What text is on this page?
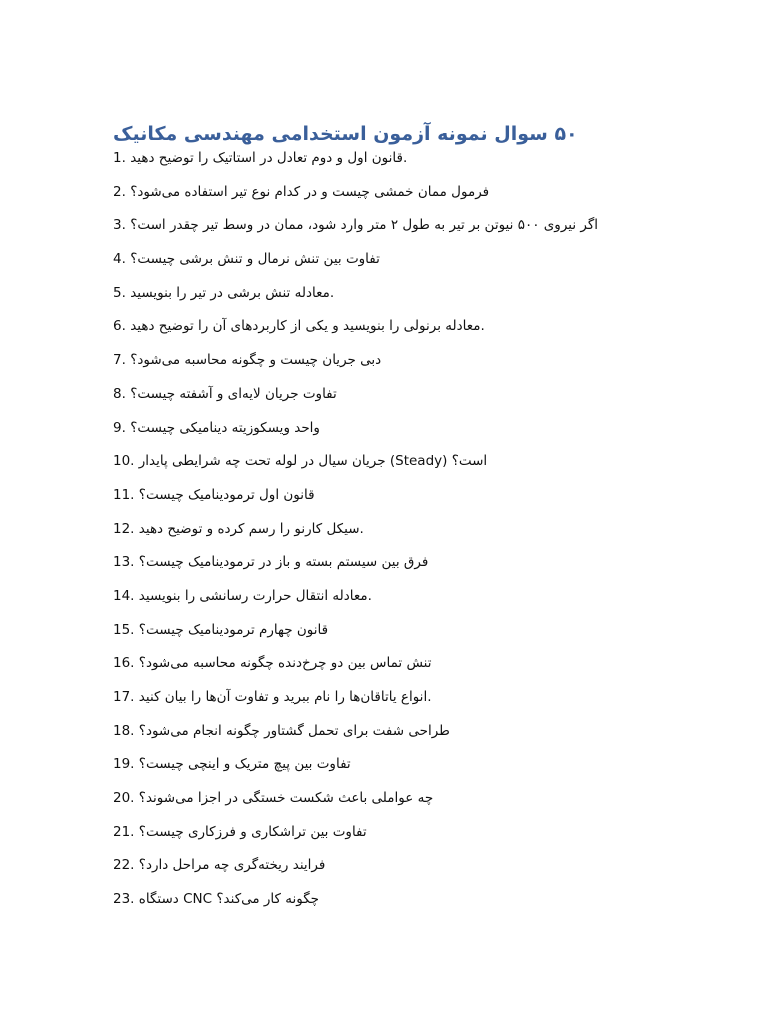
۵۰ سوال نمونه آزمون استخدامی مهندسی مکانیک
1. قانون اول و دوم تعادل در استاتیک را توضیح دهید.
2. فرمول ممان خمشی چیست و در کدام نوع تیر استفاده می‌شود؟
3. اگر نیروی ۵۰۰ نیوتن بر تیر به طول ۲ متر وارد شود، ممان در وسط تیر چقدر است؟
4. تفاوت بین تنش نرمال و تنش برشی چیست؟
5. معادله تنش برشی در تیر را بنویسید.
6. معادله برنولی را بنویسید و یکی از کاربردهای آن را توضیح دهید.
7. دبی جریان چیست و چگونه محاسبه می‌شود؟
8. تفاوت جریان لایه‌ای و آشفته چیست؟
9. واحد ویسکوزیته دینامیکی چیست؟
10. جریان سیال در لوله تحت چه شرایطی پایدار (Steady) است؟
11. قانون اول ترمودینامیک چیست؟
12. سیکل کارنو را رسم کرده و توضیح دهید.
13. فرق بین سیستم بسته و باز در ترمودینامیک چیست؟
14. معادله انتقال حرارت رسانشی را بنویسید.
15. قانون چهارم ترمودینامیک چیست؟
16. تنش تماس بین دو چرخ‌دنده چگونه محاسبه می‌شود؟
17. انواع یاتاقان‌ها را نام ببرید و تفاوت آن‌ها را بیان کنید.
18. طراحی شفت برای تحمل گشتاور چگونه انجام می‌شود؟
19. تفاوت بین پیچ متریک و اینچی چیست؟
20. چه عواملی باعث شکست خستگی در اجزا می‌شوند؟
21. تفاوت بین تراشکاری و فرزکاری چیست؟
22. فرایند ریخته‌گری چه مراحل دارد؟
23. دستگاه CNC چگونه کار می‌کند؟
